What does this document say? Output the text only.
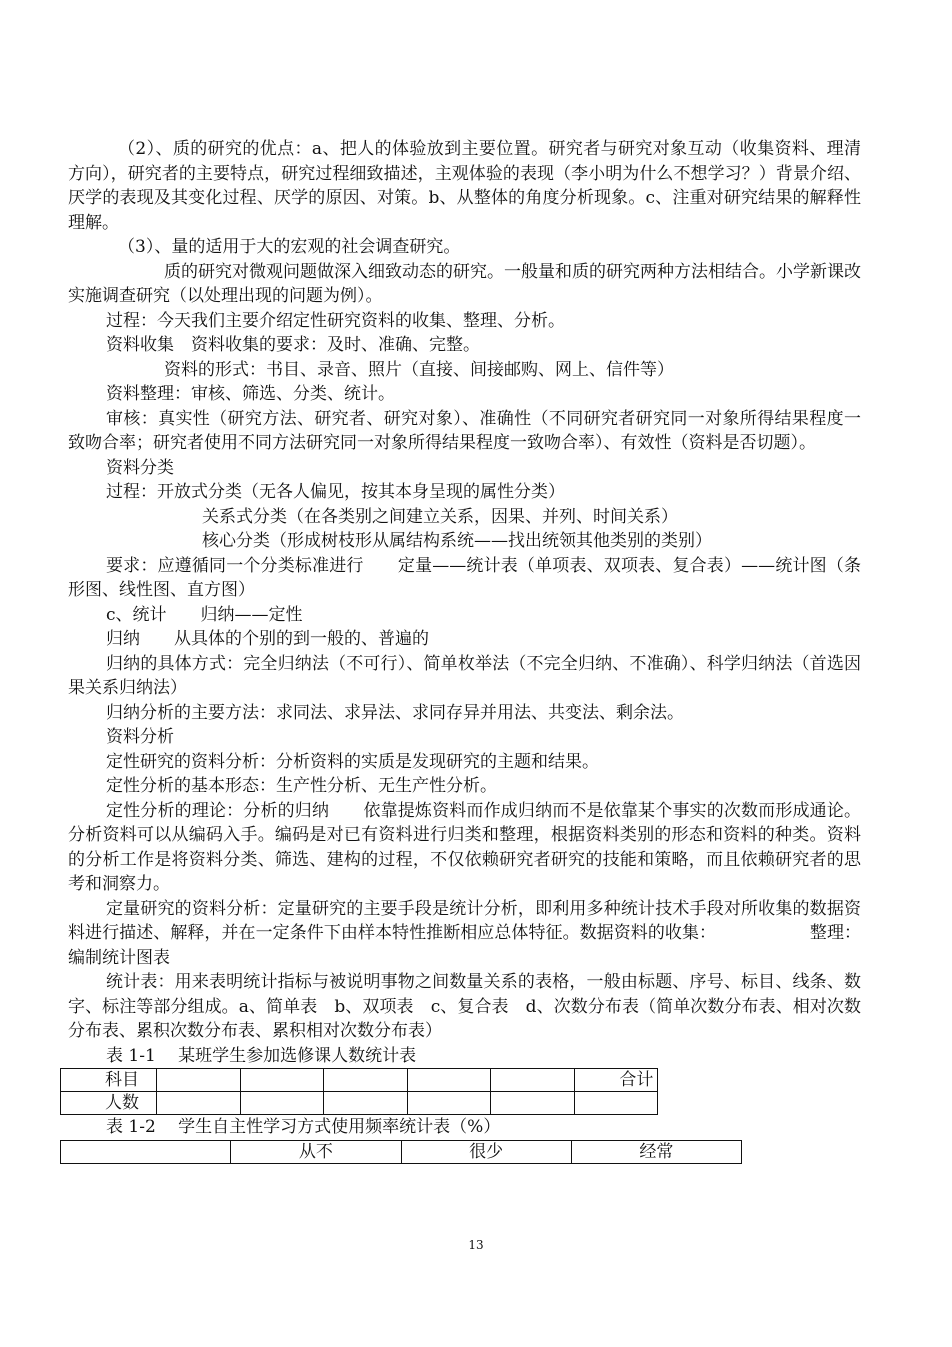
（2）、质的研究的优点：a、把人的体验放到主要位置。研究者与研究对象互动（收集资料、理清方向），研究者的主要特点，研究过程细致描述，主观体验的表现（李小明为什么不想学习？）背景介绍、厌学的表现及其变化过程、厌学的原因、对策。b、从整体的角度分析现象。c、注重对研究结果的解释性理解。

（3）、量的适用于大的宏观的社会调查研究。

质的研究对微观问题做深入细致动态的研究。一般量和质的研究两种方法相结合。小学新课改实施调查研究（以处理出现的问题为例）。

过程：今天我们主要介绍定性研究资料的收集、整理、分析。

资料收集　资料收集的要求：及时、准确、完整。

资料的形式：书目、录音、照片（直接、间接邮购、网上、信件等）

资料整理：审核、筛选、分类、统计。

审核：真实性（研究方法、研究者、研究对象）、准确性（不同研究者研究同一对象所得结果程度一致吻合率；研究者使用不同方法研究同一对象所得结果程度一致吻合率）、有效性（资料是否切题）。

资料分类

过程：开放式分类（无各人偏见，按其本身呈现的属性分类）

关系式分类（在各类别之间建立关系，因果、并列、时间关系）

核心分类（形成树枝形从属结构系统——找出统领其他类别的类别）

要求：应遵循同一个分类标准进行　　定量——统计表（单项表、双项表、复合表）——统计图（条形图、线性图、直方图）

c、统计　　归纳——定性

归纳　　从具体的个别的到一般的、普遍的

归纳的具体方式：完全归纳法（不可行）、简单枚举法（不完全归纳、不准确）、科学归纳法（首选因果关系归纳法）

归纳分析的主要方法：求同法、求异法、求同存异并用法、共变法、剩余法。

资料分析

定性研究的资料分析：分析资料的实质是发现研究的主题和结果。

定性分析的基本形态：生产性分析、无生产性分析。

定性分析的理论：分析的归纳　　依靠提炼资料而作成归纳而不是依靠某个事实的次数而形成通论。分析资料可以从编码入手。编码是对已有资料进行归类和整理，根据资料类别的形态和资料的种类。资料的分析工作是将资料分类、筛选、建构的过程，不仅依赖研究者研究的技能和策略，而且依赖研究者的思考和洞察力。

定量研究的资料分析：定量研究的主要手段是统计分析，即利用多种统计技术手段对所收集的数据资料进行描述、解释，并在一定条件下由样本特性推断相应总体特征。数据资料的收集：　　　　　　整理：编制统计图表

统计表：用来表明统计指标与被说明事物之间数量关系的表格，一般由标题、序号、标目、线条、数字、标注等部分组成。a、简单表　b、双项表　c、复合表　d、次数分布表（简单次数分布表、相对次数分布表、累积次数分布表、累积相对次数分布表）

表 1-1　 某班学生参加选修课人数统计表

科目						合计
人数						

表 1-2　 学生自主性学习方式使用频率统计表（%）

	从不	很少	经常
13
